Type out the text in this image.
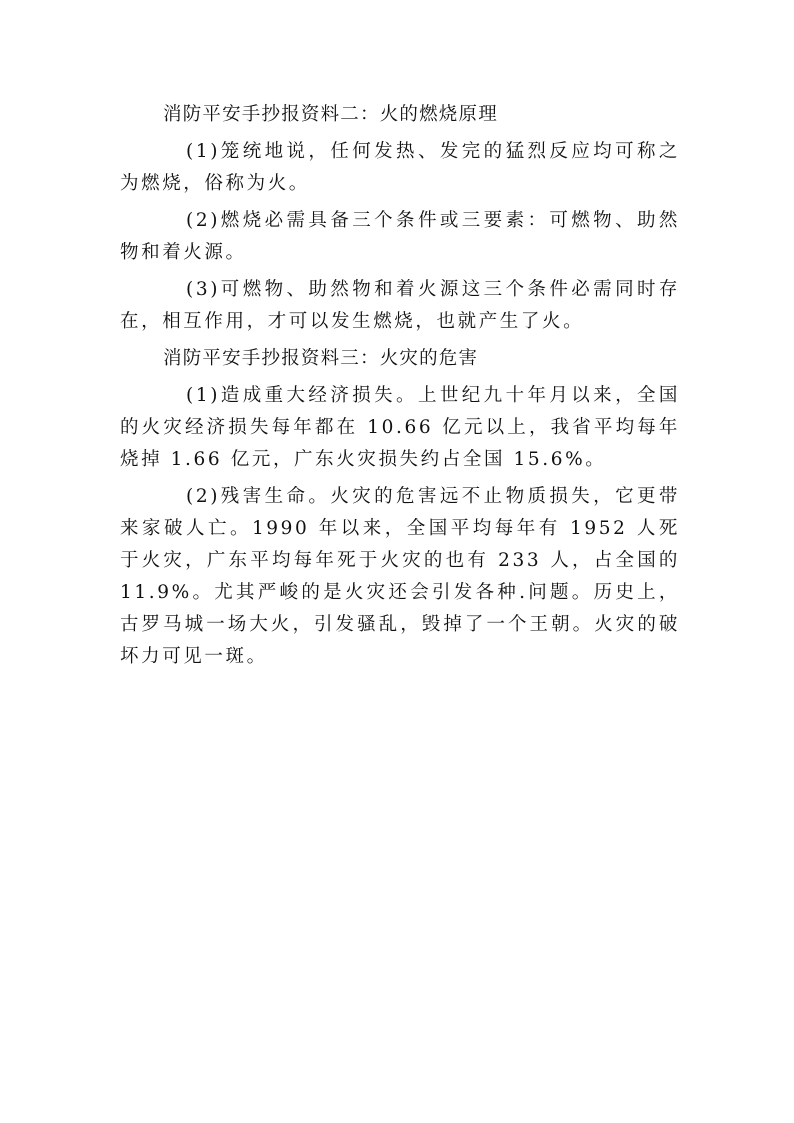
消防平安手抄报资料二：火的燃烧原理

(1)笼统地说，任何发热、发完的猛烈反应均可称之为燃烧，俗称为火。

(2)燃烧必需具备三个条件或三要素：可燃物、助然物和着火源。

(3)可燃物、助然物和着火源这三个条件必需同时存在，相互作用，才可以发生燃烧，也就产生了火。

消防平安手抄报资料三：火灾的危害

(1)造成重大经济损失。上世纪九十年月以来，全国的火灾经济损失每年都在 10.66 亿元以上，我省平均每年烧掉 1.66 亿元，广东火灾损失约占全国 15.6%。

(2)残害生命。火灾的危害远不止物质损失，它更带来家破人亡。1990 年以来，全国平均每年有 1952 人死于火灾，广东平均每年死于火灾的也有 233 人，占全国的 11.9%。尤其严峻的是火灾还会引发各种.问题。历史上，古罗马城一场大火，引发骚乱，毁掉了一个王朝。火灾的破坏力可见一斑。
